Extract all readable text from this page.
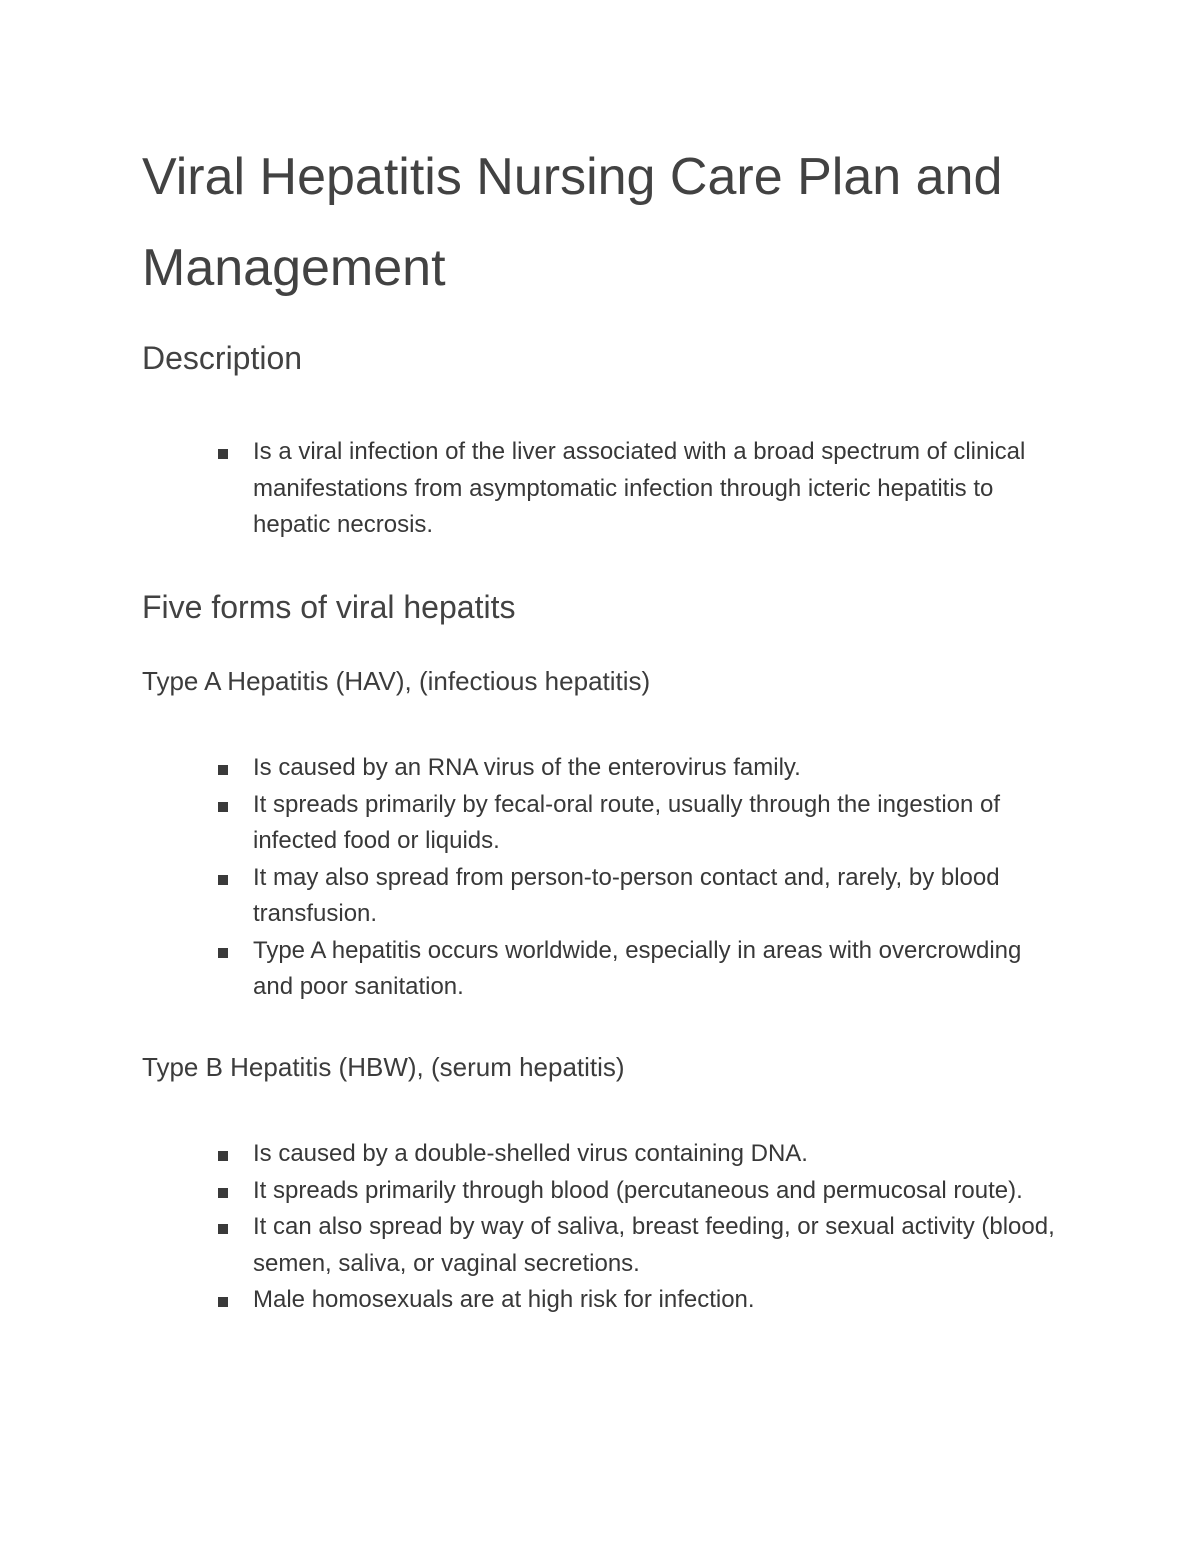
Viral Hepatitis Nursing Care Plan and Management
Description
Is a viral infection of the liver associated with a broad spectrum of clinical manifestations from asymptomatic infection through icteric hepatitis to hepatic necrosis.
Five forms of viral hepatits
Type A Hepatitis (HAV), (infectious hepatitis)
Is caused by an RNA virus of the enterovirus family.
It spreads primarily by fecal-oral route, usually through the ingestion of infected food or liquids.
It may also spread from person-to-person contact and, rarely, by blood transfusion.
Type A hepatitis occurs worldwide, especially in areas with overcrowding and poor sanitation.
Type B Hepatitis (HBW), (serum hepatitis)
Is caused by a double-shelled virus containing DNA.
It spreads primarily through blood (percutaneous and permucosal route).
It can also spread by way of saliva, breast feeding, or sexual activity (blood, semen, saliva, or vaginal secretions.
Male homosexuals are at high risk for infection.
